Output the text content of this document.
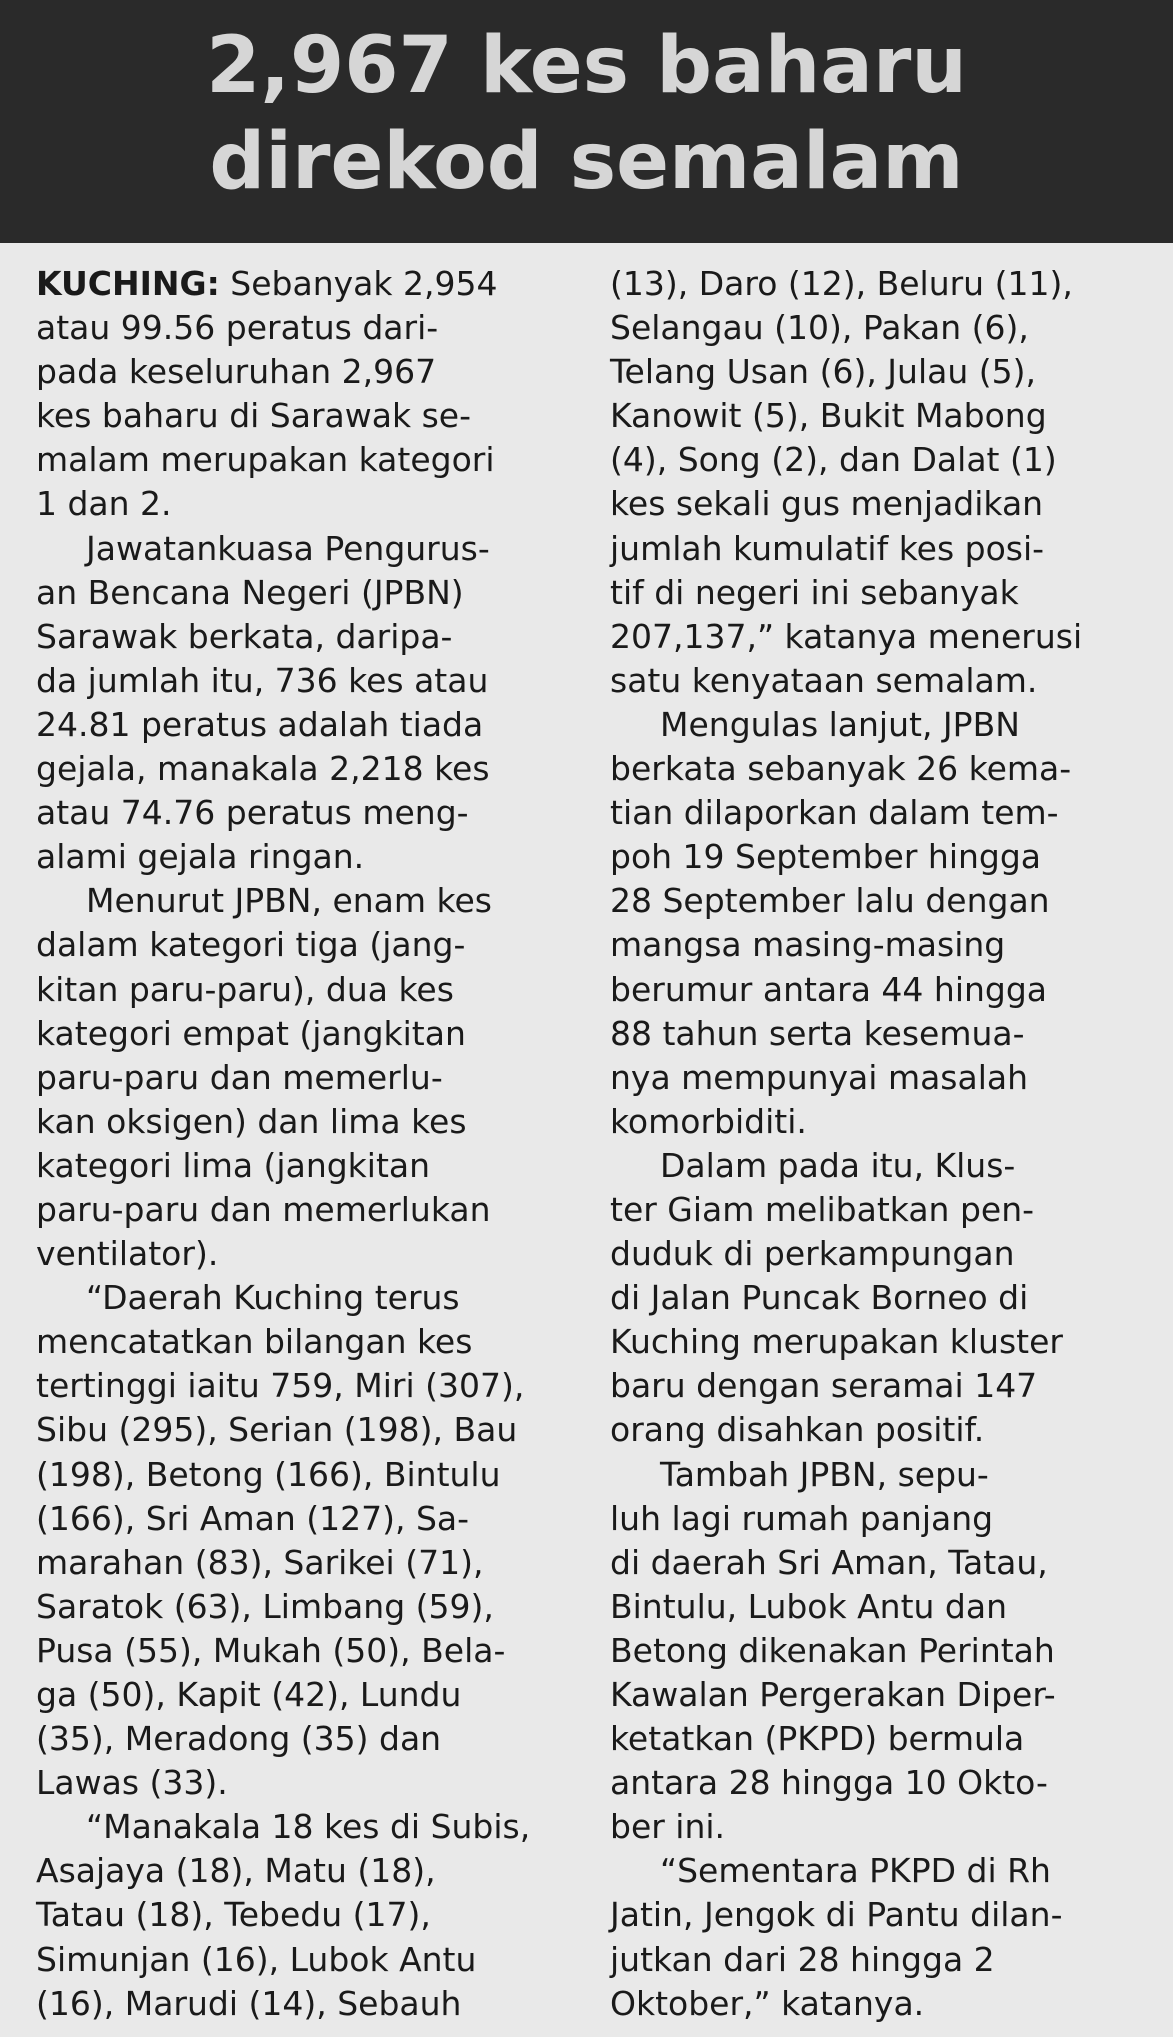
2,967 kes baharu
direkod semalam

KUCHING: Sebanyak 2,954
atau 99.56 peratus dari-
pada keseluruhan 2,967
kes baharu di Sarawak se-
malam merupakan kategori
1 dan 2.

Jawatankuasa Pengurus-
an Bencana Negeri (JPBN)
Sarawak berkata, daripa-
da jumlah itu, 736 kes atau
24.81 peratus adalah tiada
gejala, manakala 2,218 kes
atau 74.76 peratus meng-
alami gejala ringan.

Menurut JPBN, enam kes
dalam kategori tiga (jang-
kitan paru-paru), dua kes
kategori empat (jangkitan
paru-paru dan memerlu-
kan oksigen) dan lima kes
kategori lima (jangkitan
paru-paru dan memerlukan
ventilator).

“Daerah Kuching terus
mencatatkan bilangan kes
tertinggi iaitu 759, Miri (307),
Sibu (295), Serian (198), Bau
(198), Betong (166), Bintulu
(166), Sri Aman (127), Sa-
marahan (83), Sarikei (71),
Saratok (63), Limbang (59),
Pusa (55), Mukah (50), Bela-
ga (50), Kapit (42), Lundu
(35), Meradong (35) dan
Lawas (33).

“Manakala 18 kes di Subis,
Asajaya (18), Matu (18),
Tatau (18), Tebedu (17),
Simunjan (16), Lubok Antu
(16), Marudi (14), Sebauh

(13), Daro (12), Beluru (11),
Selangau (10), Pakan (6),
Telang Usan (6), Julau (5),
Kanowit (5), Bukit Mabong
(4), Song (2), dan Dalat (1)
kes sekali gus menjadikan
jumlah kumulatif kes posi-
tif di negeri ini sebanyak
207,137,” katanya menerusi
satu kenyataan semalam.

Mengulas lanjut, JPBN
berkata sebanyak 26 kema-
tian dilaporkan dalam tem-
poh 19 September hingga
28 September lalu dengan
mangsa masing-masing
berumur antara 44 hingga
88 tahun serta kesemua-
nya mempunyai masalah
komorbiditi.

Dalam pada itu, Klus-
ter Giam melibatkan pen-
duduk di perkampungan
di Jalan Puncak Borneo di
Kuching merupakan kluster
baru dengan seramai 147
orang disahkan positif.

Tambah JPBN, sepu-
luh lagi rumah panjang
di daerah Sri Aman, Tatau,
Bintulu, Lubok Antu dan
Betong dikenakan Perintah
Kawalan Pergerakan Diper-
ketatkan (PKPD) bermula
antara 28 hingga 10 Okto-
ber ini.

“Sementara PKPD di Rh
Jatin, Jengok di Pantu dilan-
jutkan dari 28 hingga 2
Oktober,” katanya.
